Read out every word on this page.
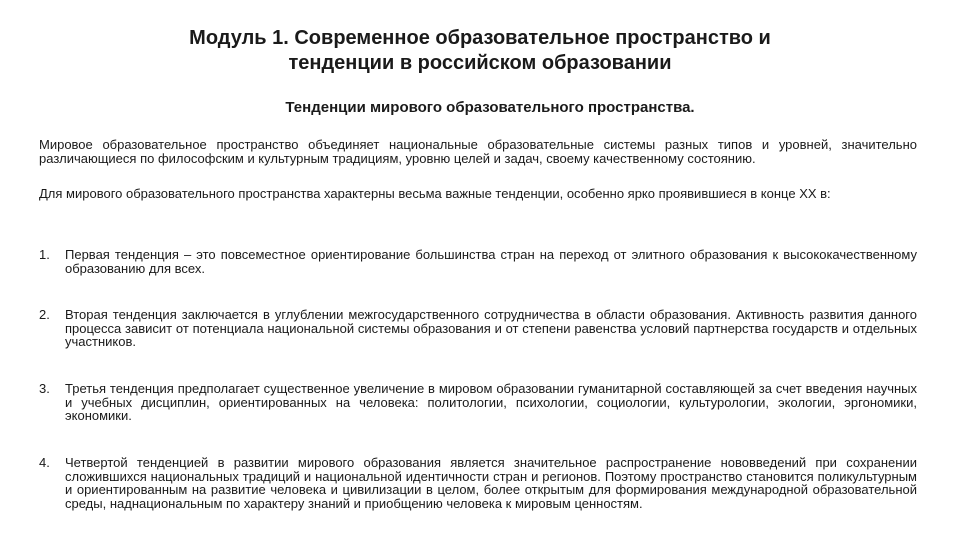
Модуль 1. Современное образовательное пространство и
тенденции в российском образовании
Тенденции мирового образовательного пространства.

Мировое образовательное пространство объединяет национальные образовательные системы разных типов и уровней, значительно различающиеся по философским и культурным традициям, уровню целей и задач, своему качественному состоянию.

Для мирового образовательного пространства характерны весьма важные тенденции, особенно ярко проявившиеся в конце XX в:

1.	Первая тенденция – это повсеместное ориентирование большинства стран на переход от элитного образования к высококачественному образованию для всех.
2.	Вторая тенденция заключается в углублении межгосударственного сотрудничества в области образования. Активность развития данного процесса зависит от потенциала национальной системы образования и от степени равенства условий партнерства государств и отдельных участников.
3.	Третья тенденция предполагает существенное увеличение в мировом образовании гуманитарной составляющей за счет введения научных и учебных дисциплин, ориентированных на человека: политологии, психологии, социологии, культурологии, экологии, эргономики, экономики.
4.	Четвертой тенденцией в развитии мирового образования является значительное распространение нововведений при сохранении сложившихся национальных традиций и национальной идентичности стран и регионов. Поэтому пространство становится поликультурным и ориентированным на развитие человека и цивилизации в целом, более открытым для формирования международной образовательной среды, наднациональным по характеру знаний и приобщению человека к мировым ценностям.
